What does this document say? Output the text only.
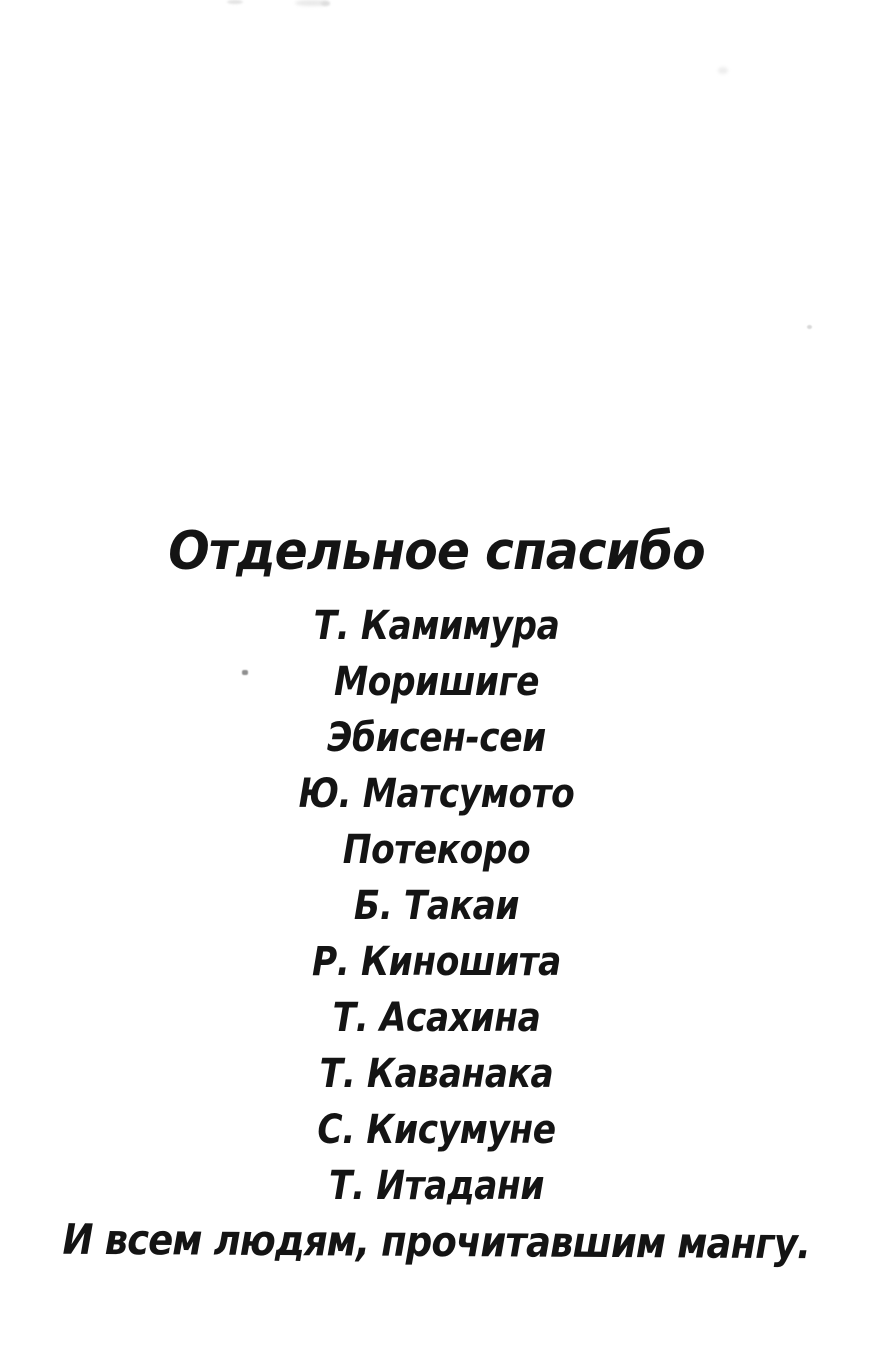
Отдельное спасибо
Т. Камимура
Моришиге
Эбисен-сеи
Ю. Матсумото
Потекоро
Б. Такаи
Р. Киношита
Т. Асахина
Т. Каванака
С. Кисумуне
Т. Итадани
И всем людям, прочитавшим мангу.
